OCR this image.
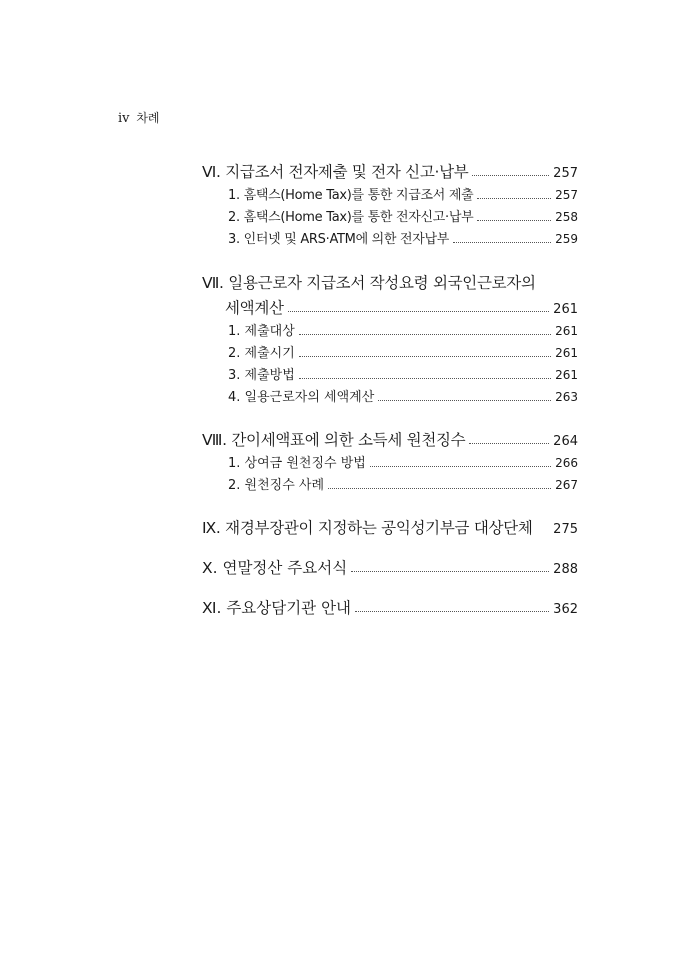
iv 차례
Ⅵ. 지급조서 전자제출 및 전자 신고·납부	257
1. 홈택스(Home Tax)를 통한 지급조서 제출	257
2. 홈택스(Home Tax)를 통한 전자신고·납부	258
3. 인터넷 및 ARS·ATM에 의한 전자납부	259
Ⅶ. 일용근로자 지급조서 작성요령 외국인근로자의
세액계산	261
1. 제출대상	261
2. 제출시기	261
3. 제출방법	261
4. 일용근로자의 세액계산	263
Ⅷ. 간이세액표에 의한 소득세 원천징수	264
1. 상여금 원천징수 방법	266
2. 원천징수 사례	267
Ⅸ. 재경부장관이 지정하는 공익성기부금 대상단체 275
Ⅹ. 연말정산 주요서식	288
Ⅺ. 주요상담기관 안내	362
